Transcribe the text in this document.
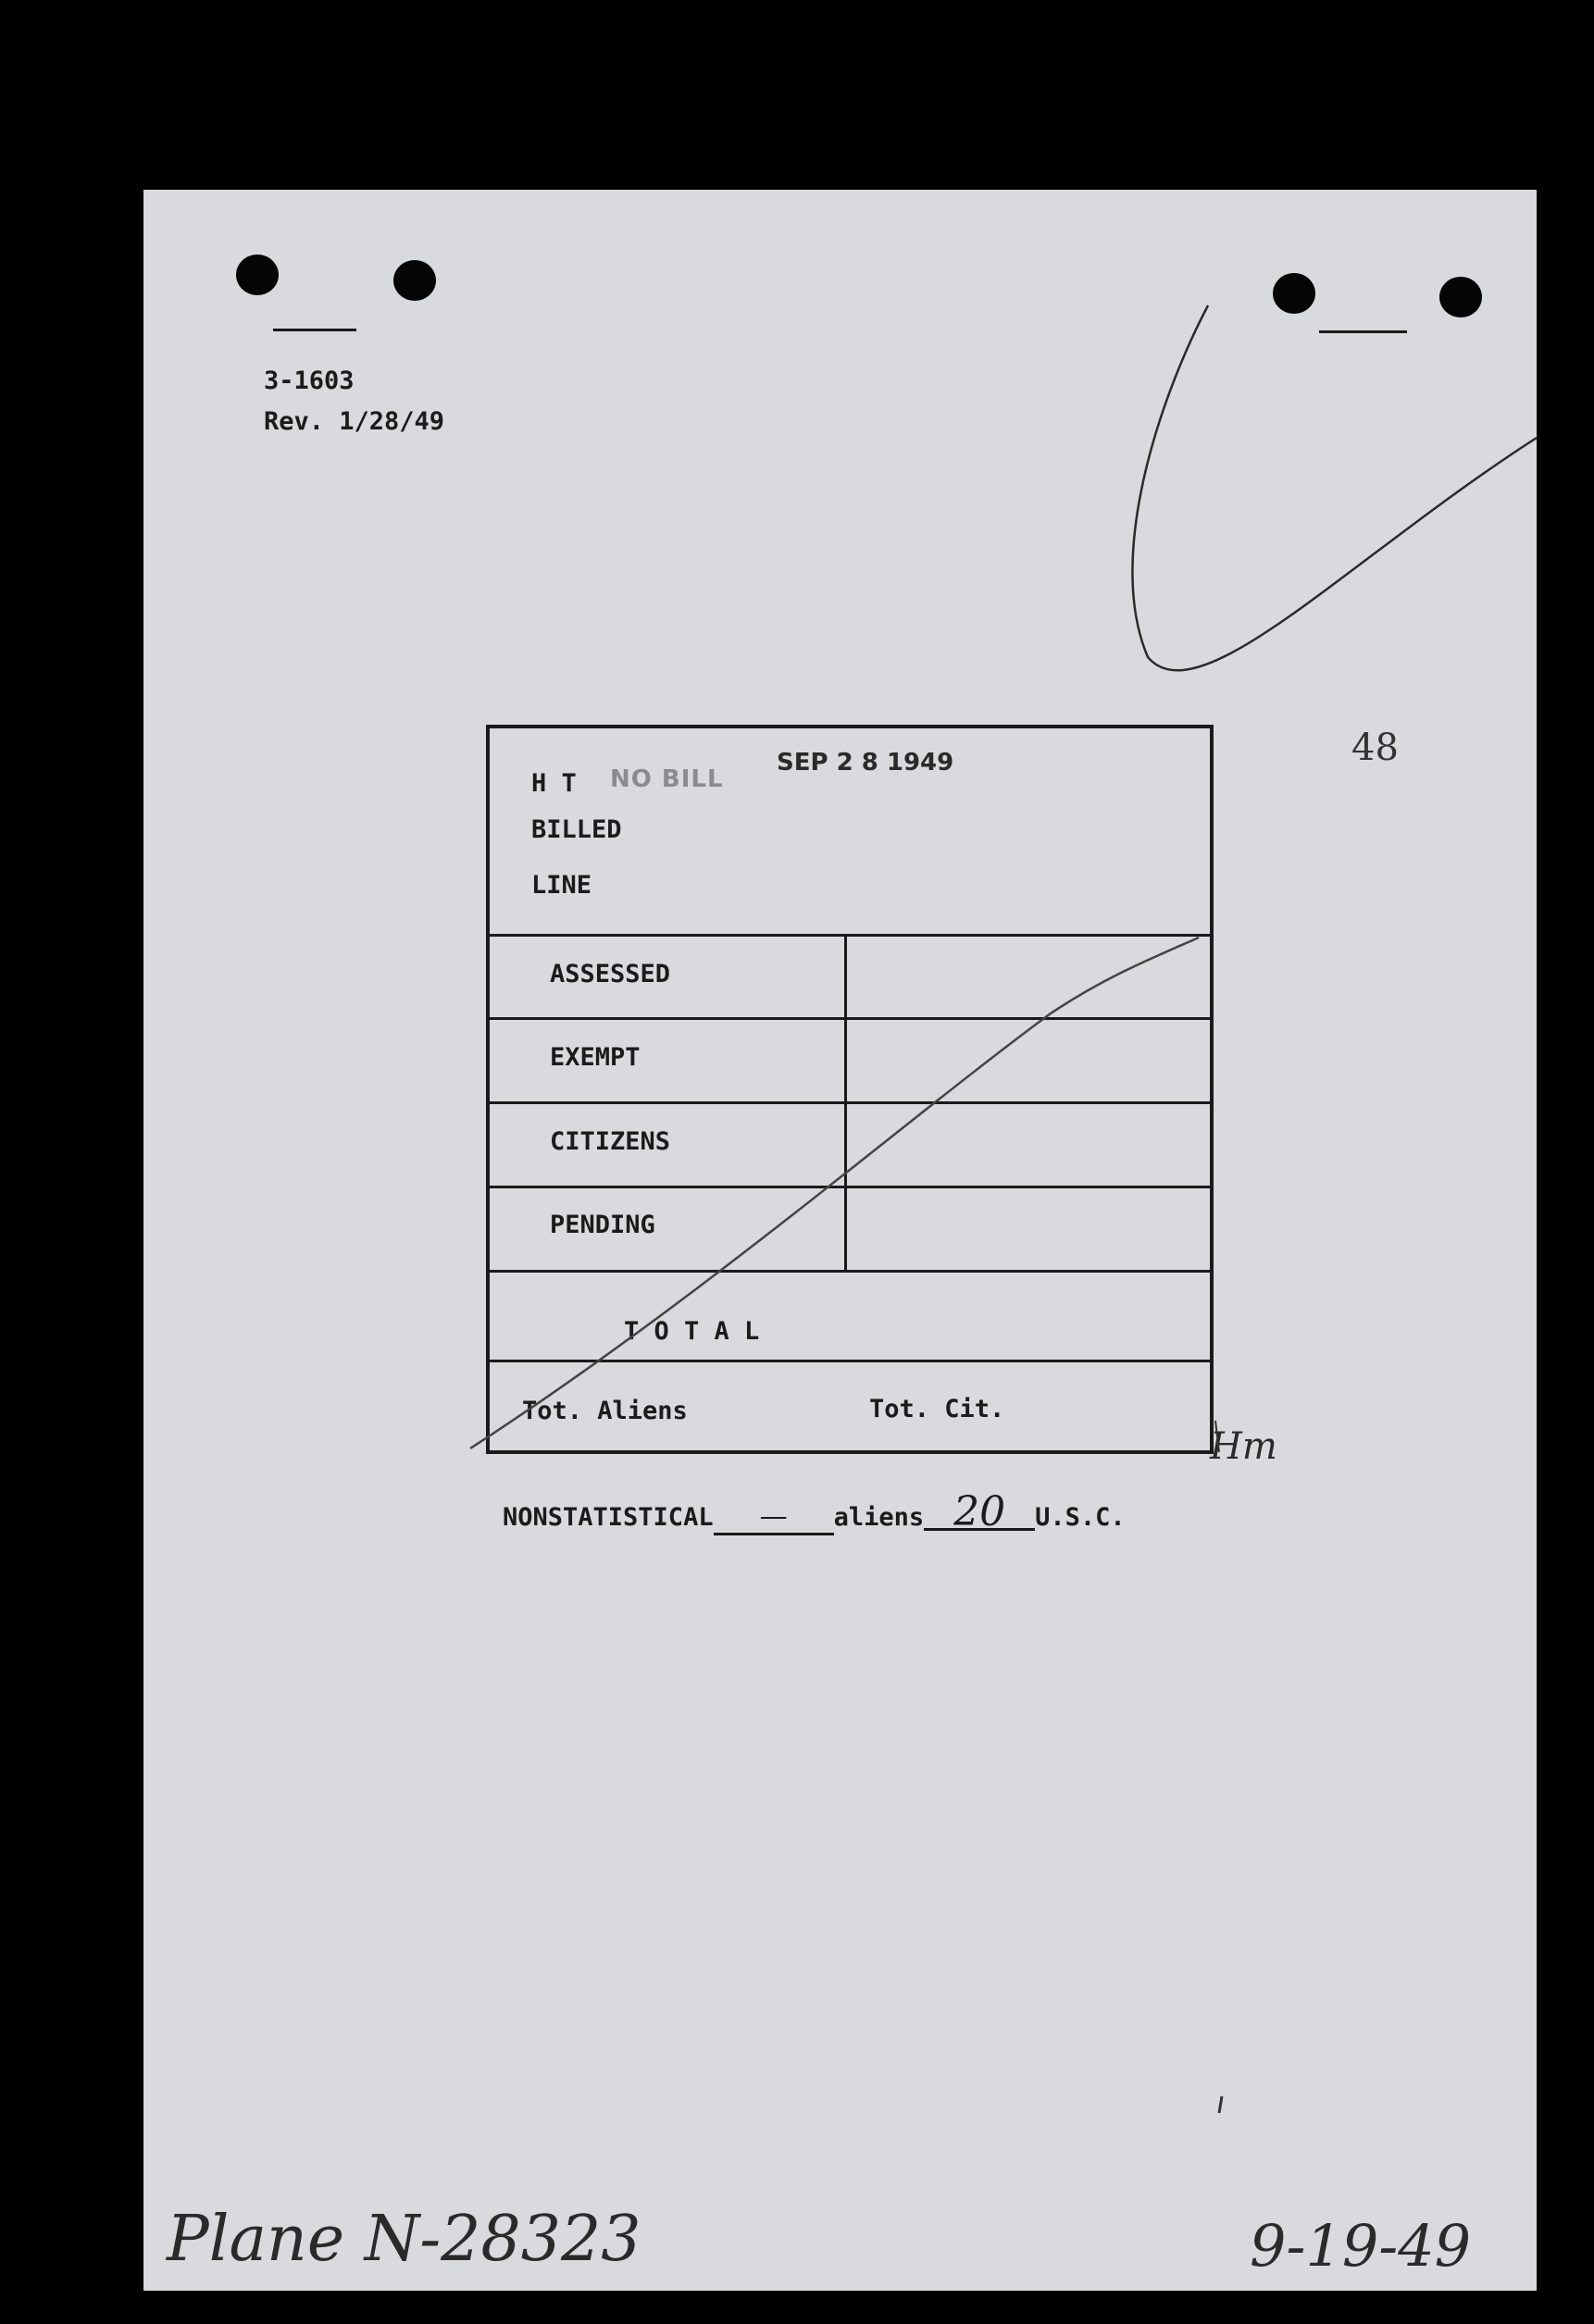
3-1603
Rev. 1/28/49
48
H T NO BILL
SEP 2 8 1949
BILLED
LINE
ASSESSED
EXEMPT
CITIZENS
PENDING
T O T A L
Tot. Aliens	Tot. Cit.
NONSTATISTICAL — aliens 20 U.S.C.
Hm
Plane N-28323	9-19-49
